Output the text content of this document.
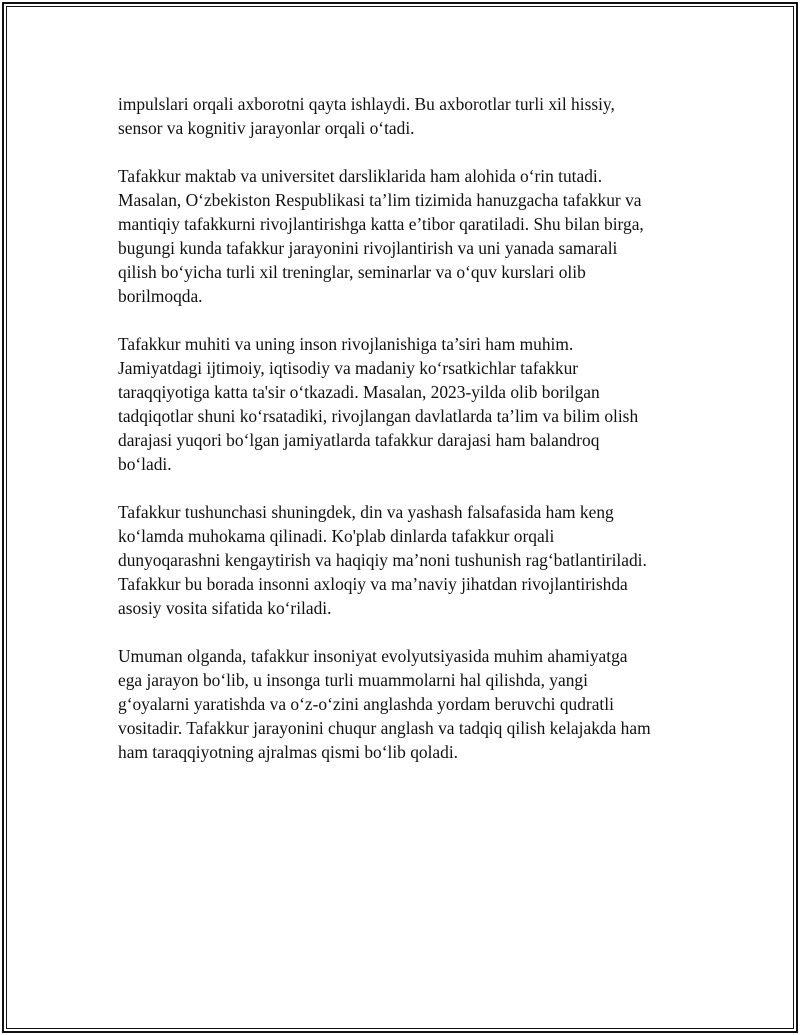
impulslari orqali axborotni qayta ishlaydi. Bu axborotlar turli xil hissiy,
sensor va kognitiv jarayonlar orqali o‘tadi.

Tafakkur maktab va universitet darsliklarida ham alohida o‘rin tutadi.
Masalan, O‘zbekiston Respublikasi ta’lim tizimida hanuzgacha tafakkur va
mantiqiy tafakkurni rivojlantirishga katta e’tibor qaratiladi. Shu bilan birga,
bugungi kunda tafakkur jarayonini rivojlantirish va uni yanada samarali
qilish bo‘yicha turli xil treninglar, seminarlar va o‘quv kurslari olib
borilmoqda.

Tafakkur muhiti va uning inson rivojlanishiga ta’siri ham muhim.
Jamiyatdagi ijtimoiy, iqtisodiy va madaniy ko‘rsatkichlar tafakkur
taraqqiyotiga katta ta'sir o‘tkazadi. Masalan, 2023-yilda olib borilgan
tadqiqotlar shuni ko‘rsatadiki, rivojlangan davlatlarda ta’lim va bilim olish
darajasi yuqori bo‘lgan jamiyatlarda tafakkur darajasi ham balandroq
bo‘ladi.

Tafakkur tushunchasi shuningdek, din va yashash falsafasida ham keng
ko‘lamda muhokama qilinadi. Ko'plab dinlarda tafakkur orqali
dunyoqarashni kengaytirish va haqiqiy ma’noni tushunish rag‘batlantiriladi.
Tafakkur bu borada insonni axloqiy va ma’naviy jihatdan rivojlantirishda
asosiy vosita sifatida ko‘riladi.

Umuman olganda, tafakkur insoniyat evolyutsiyasida muhim ahamiyatga
ega jarayon bo‘lib, u insonga turli muammolarni hal qilishda, yangi
g‘oyalarni yaratishda va o‘z-o‘zini anglashda yordam beruvchi qudratli
vositadir. Tafakkur jarayonini chuqur anglash va tadqiq qilish kelajakda ham
ham taraqqiyotning ajralmas qismi bo‘lib qoladi.
